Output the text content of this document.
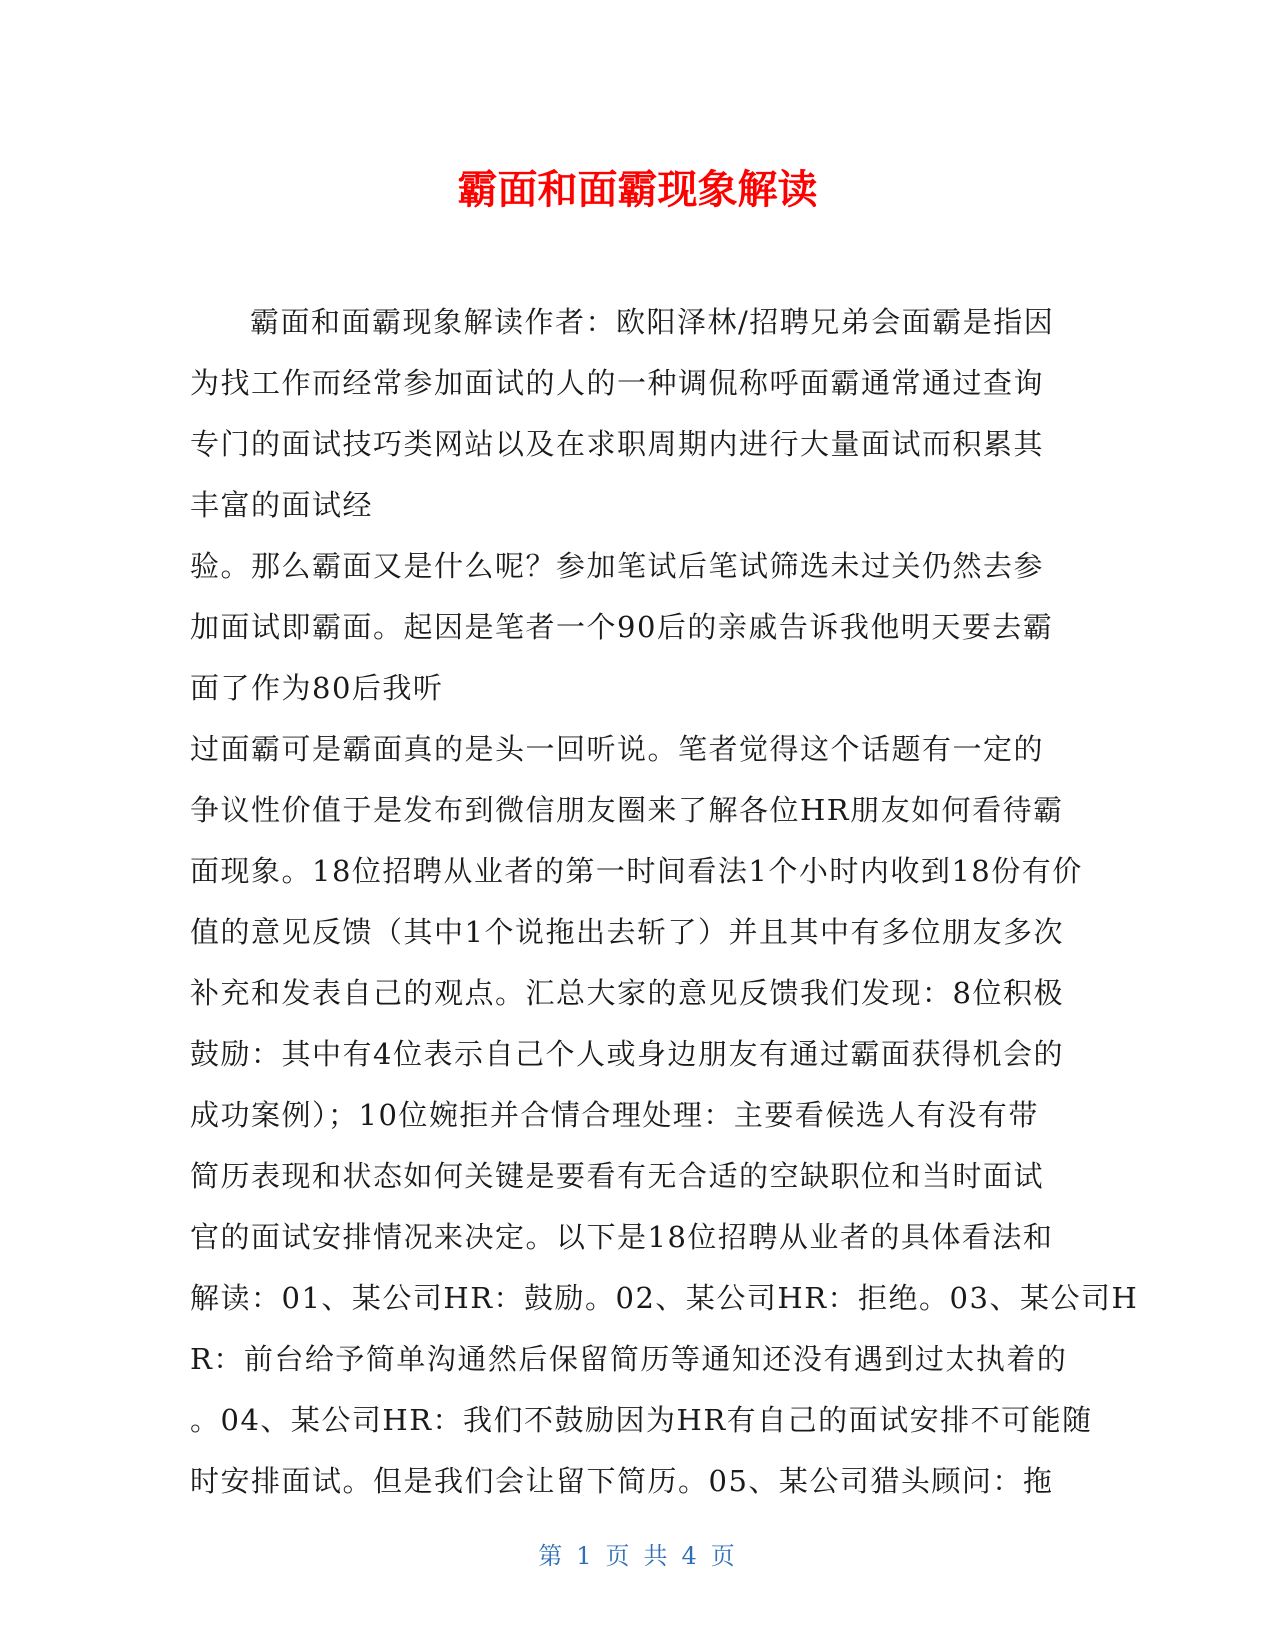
霸面和面霸现象解读
霸面和面霸现象解读作者：欧阳泽林/招聘兄弟会面霸是指因
为找工作而经常参加面试的人的一种调侃称呼面霸通常通过查询
专门的面试技巧类网站以及在求职周期内进行大量面试而积累其
丰富的面试经
验。那么霸面又是什么呢？参加笔试后笔试筛选未过关仍然去参
加面试即霸面。起因是笔者一个90后的亲戚告诉我他明天要去霸
面了作为80后我听
过面霸可是霸面真的是头一回听说。笔者觉得这个话题有一定的
争议性价值于是发布到微信朋友圈来了解各位HR朋友如何看待霸
面现象。18位招聘从业者的第一时间看法1个小时内收到18份有价
值的意见反馈（其中1个说拖出去斩了）并且其中有多位朋友多次
补充和发表自己的观点。汇总大家的意见反馈我们发现：8位积极
鼓励：其中有4位表示自己个人或身边朋友有通过霸面获得机会的
成功案例）；10位婉拒并合情合理处理：主要看候选人有没有带
简历表现和状态如何关键是要看有无合适的空缺职位和当时面试
官的面试安排情况来决定。以下是18位招聘从业者的具体看法和
解读：01、某公司HR：鼓励。02、某公司HR：拒绝。03、某公司H
R：前台给予简单沟通然后保留简历等通知还没有遇到过太执着的
。04、某公司HR：我们不鼓励因为HR有自己的面试安排不可能随
时安排面试。但是我们会让留下简历。05、某公司猎头顾问：拖
第 1 页 共 4 页
